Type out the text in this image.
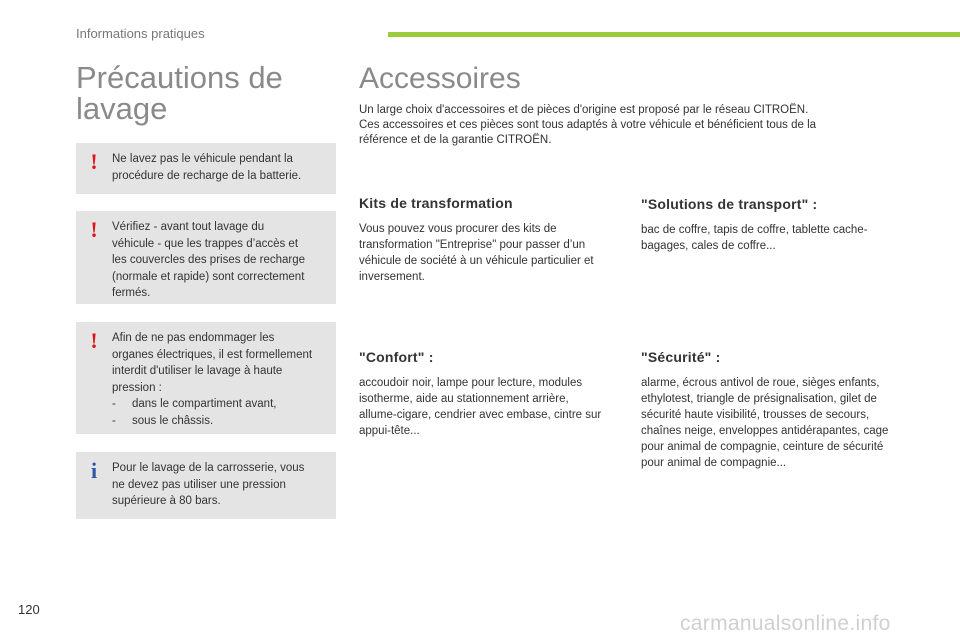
Informations pratiques
Précautions de
lavage
!	Ne lavez pas le véhicule pendant la
procédure de recharge de la batterie.
!	Vérifiez - avant tout lavage du
véhicule - que les trappes d’accès et
les couvercles des prises de recharge
(normale et rapide) sont correctement
fermés.
!	Afin de ne pas endommager les
organes électriques, il est formellement
interdit d'utiliser le lavage à haute
pression :
- dans le compartiment avant,
- sous le châssis.
i	Pour le lavage de la carrosserie, vous
ne devez pas utiliser une pression
supérieure à 80 bars.
Accessoires
Un large choix d'accessoires et de pièces d'origine est proposé par le réseau CITROËN.
Ces accessoires et ces pièces sont tous adaptés à votre véhicule et bénéficient tous de la
référence et de la garantie CITROËN.
Kits de transformation

Vous pouvez vous procurer des kits de transformation "Entreprise" pour passer d’un véhicule de société à un véhicule particulier et inversement.

"Solutions de transport" :

bac de coffre, tapis de coffre, tablette cache-bagages, cales de coffre...

"Confort" :

accoudoir noir, lampe pour lecture, modules isotherme, aide au stationnement arrière, allume-cigare, cendrier avec embase, cintre sur appui-tête...

"Sécurité" :

alarme, écrous antivol de roue, sièges enfants, ethylotest, triangle de présignalisation, gilet de sécurité haute visibilité, trousses de secours, chaînes neige, enveloppes antidérapantes, cage pour animal de compagnie, ceinture de sécurité pour animal de compagnie...

120
carmanualsonline.info
